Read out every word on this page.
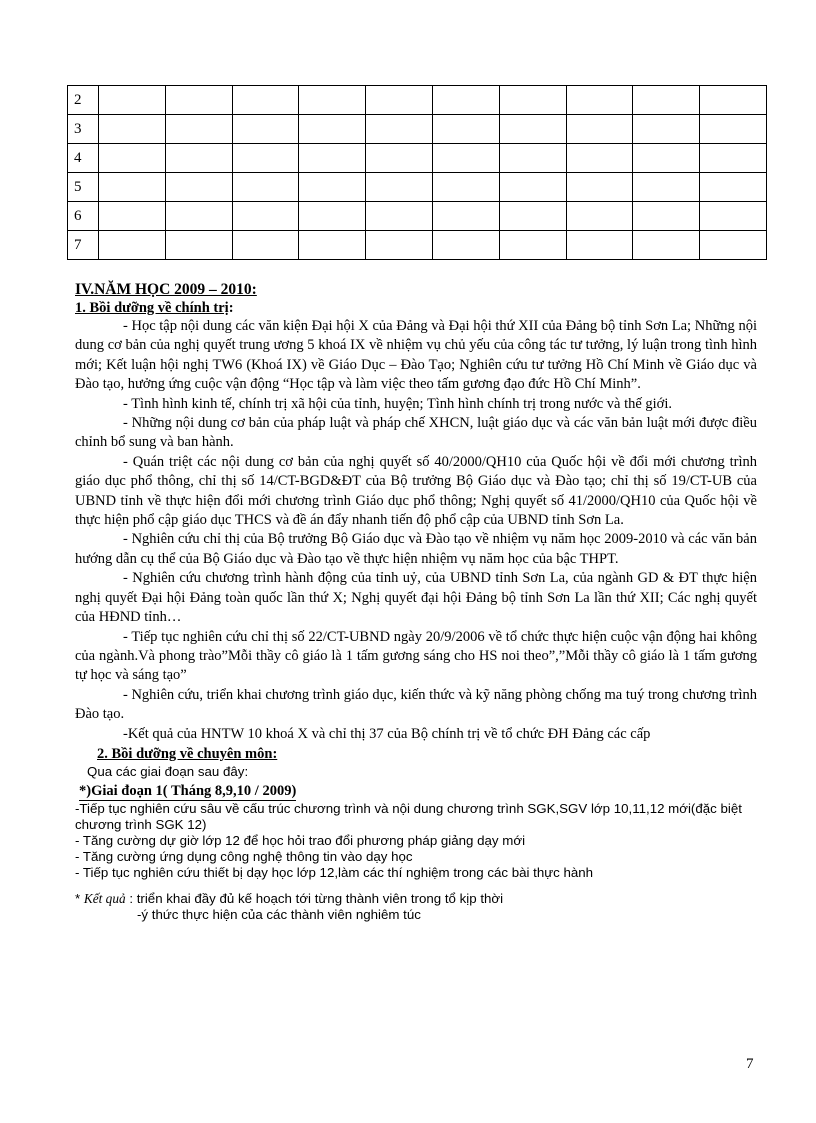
2										
3										
4										
5										
6										
7										

IV.NĂM HỌC 2009 – 2010:

1. Bồi dưỡng về chính trị:

- Học tập nội dung các văn kiện Đại hội X của Đảng và Đại hội thứ XII của Đảng bộ tỉnh Sơn La; Những nội dung cơ bản của nghị quyết trung ương 5 khoá IX về nhiệm vụ chủ yếu của công tác tư tưởng, lý luận trong tình hình mới; Kết luận hội nghị TW6 (Khoá IX) về Giáo Dục – Đào Tạo; Nghiên cứu tư tưởng Hồ Chí Minh về Giáo dục và Đào tạo, hưởng ứng cuộc vận động “Học tập và làm việc theo tấm gương đạo đức Hồ Chí Minh”.

- Tình hình kinh tế, chính trị xã hội của tỉnh, huyện; Tình hình chính trị trong nước và thế giới.

- Những nội dung cơ bản của pháp luật và pháp chế XHCN, luật giáo dục và các văn bản luật mới được điều chỉnh bổ sung và ban hành.

- Quán triệt các nội dung cơ bản của nghị quyết số 40/2000/QH10 của Quốc hội về đổi mới chương trình giáo dục phổ thông, chỉ thị số 14/CT-BGD&ĐT của Bộ trưởng Bộ Giáo dục và Đào tạo; chỉ thị số 19/CT-UB của UBND tỉnh về thực hiện đổi mới chương trình Giáo dục phổ thông; Nghị quyết số 41/2000/QH10 của Quốc hội về thực hiện phổ cập giáo dục THCS và đề án đẩy nhanh tiến độ phổ cập của UBND tỉnh Sơn La.

- Nghiên cứu chỉ thị của Bộ trưởng Bộ Giáo dục và Đào tạo về nhiệm vụ năm học 2009-2010 và các văn bản hướng dẫn cụ thể của Bộ Giáo dục và Đào tạo về thực hiện nhiệm vụ năm học của bậc THPT.

- Nghiên cứu chương trình hành động của tỉnh uỷ, của UBND tỉnh Sơn La, của ngành GD & ĐT thực hiện nghị quyết Đại hội Đảng toàn quốc lần thứ X; Nghị quyết đại hội Đảng bộ tỉnh Sơn La lần thứ XII; Các nghị quyết của HĐND tỉnh…

- Tiếp tục nghiên cứu chỉ thị số 22/CT-UBND ngày 20/9/2006 về tổ chức thực hiện cuộc vận động hai không của ngành.Và phong trào”Mỗi thầy cô giáo là 1 tấm gương sáng cho HS noi theo”,”Mỗi thầy cô giáo là 1 tấm gương tự học và sáng tạo”

- Nghiên cứu, triển khai chương trình giáo dục, kiến thức và kỹ năng phòng chống ma tuý trong chương trình Đào tạo.

-Kết quả của HNTW 10 khoá X và chỉ thị 37 của Bộ chính trị về tổ chức ĐH Đảng các cấp

2. Bồi dưỡng về chuyên môn:

Qua các giai đoạn sau đây:

*)Giai đoạn 1( Tháng 8,9,10 / 2009)

-Tiếp tục nghiên cứu sâu về cấu trúc chương trình và nội dung chương trình SGK,SGV lớp 10,11,12 mới(đặc biệt chương trình SGK 12)

- Tăng cường dự giờ lớp 12 để học hỏi trao đổi phương pháp giảng dạy mới

- Tăng cường ứng dụng công nghệ thông tin vào dạy học

- Tiếp tục nghiên cứu thiết bị dạy học lớp 12,làm các thí nghiệm trong các bài thực hành

* Kết quả : triển khai đầy đủ kế hoạch tới từng thành viên trong tổ kịp thời

-ý thức thực hiện của các thành viên nghiêm túc

7
